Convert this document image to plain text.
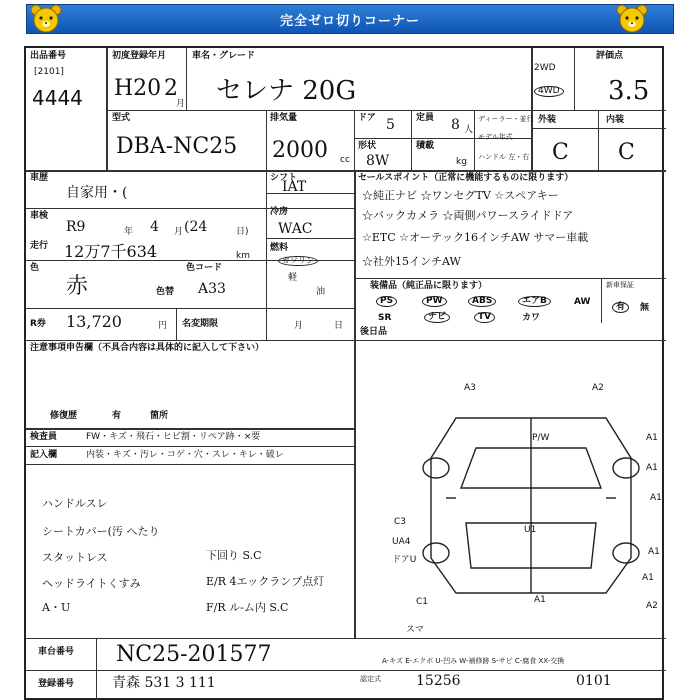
完全ゼロ切りコーナー
出品番号
[2101]
4444
初度登録年月
H20 2
月
車名・グレード
セレナ 20G
2WD
4WD
評価点
3.5
型式
DBA-NC25
排気量
2000 cc
ドア 5 定員 8 人
形状
8W
積載
kg
ディーラー・並行
モデル年式
ハンドル 左・右
外装	内装
C C
車歴
自家用・(
シフト
IAT
冷房
WAC
車検
R9	年 4 月 (24	日)
走行 12万7千634	km
燃料
ガソリン
軽
油
色
赤	色替
色コード
A33
R券 13,720	円 名変期限	月	日
セールスポイント（正常に機能するものに限ります）
☆純正ナビ ☆ワンセグTV ☆スペアキー
☆バックカメラ ☆両側パワースライドドア
☆ETC ☆オーテック16インチAW サマー車載
☆社外15インチAW
装備品（純正品に限ります）
PS	PW	ABS	エアB	AW
SR	ナビ	TV	カワ
新車保証
有	無
後日品
注意事項申告欄（不具合内容は具体的に記入して下さい）
修復歴	有	箇所
検査員	FW・キズ・飛石・ヒビ割・リペア跡・×要
記入欄	内装・キズ・汚レ・コゲ・穴・スレ・キレ・破レ
ハンドルスレ
シートカバー(汚 へたり
スタットレス
ヘッドライトくすみ
A・U
下回り S.C
E/R 4エックランプ点灯
F/R ル-ム内 S.C
A3	A2
A1
A1
A1
C3
UA4
ドアU
U1
A1
C1
A1
A1
A2
スマ
P/W
車台番号 NC25-201577	A-キズ E-エクボ U-凹み W-補修跡 S-サビ C-腐食 XX-交換
登録番号	青森 531 3 111	認定式	15256	0101
